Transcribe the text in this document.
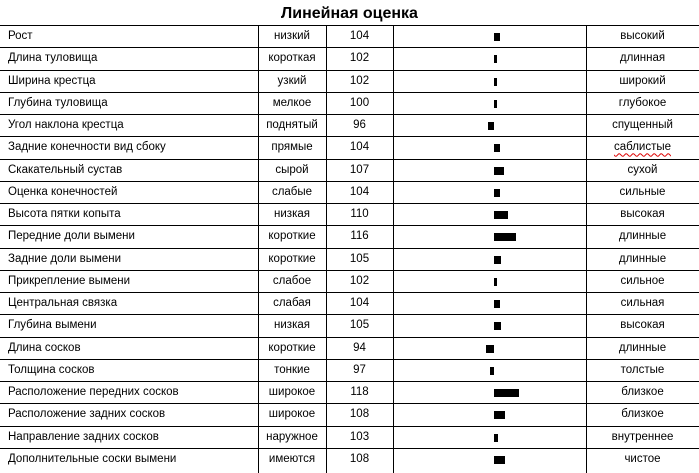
Линейная оценка
Рост	низкий	104	высокий
Длина туловища	короткая	102	длинная
Ширина крестца	узкий	102	широкий
Глубина туловища	мелкое	100	глубокое
Угол наклона крестца	поднятый	96	спущенный
Задние конечности вид сбоку	прямые	104	саблистые
Скакательный сустав	сырой	107	сухой
Оценка конечностей	слабые	104	сильные
Высота пятки копыта	низкая	110	высокая
Передние доли вымени	короткие	116	длинные
Задние доли вымени	короткие	105	длинные
Прикрепление вымени	слабое	102	сильное
Центральная связка	слабая	104	сильная
Глубина вымени	низкая	105	высокая
Длина сосков	короткие	94	длинные
Толщина сосков	тонкие	97	толстые
Расположение передних сосков	широкое	118	близкое
Расположение задних сосков	широкое	108	близкое
Направление задних сосков	наружное	103	внутреннее
Дополнительные соски вымени	имеются	108	чистое
